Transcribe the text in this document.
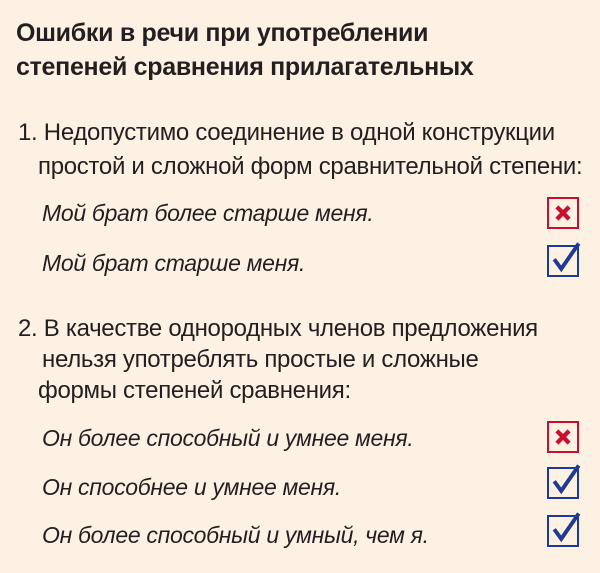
Ошибки в речи при употреблении
степеней сравнения прилагательных
1. Недопустимо соединение в одной конструкции
простой и сложной форм сравнительной степени:
Мой брат более старше меня.
Мой брат старше меня.
2. В качестве однородных членов предложения
нельзя употреблять простые и сложные
формы степеней сравнения:
Он более способный и умнее меня.
Он способнее и умнее меня.
Он более способный и умный, чем я.
